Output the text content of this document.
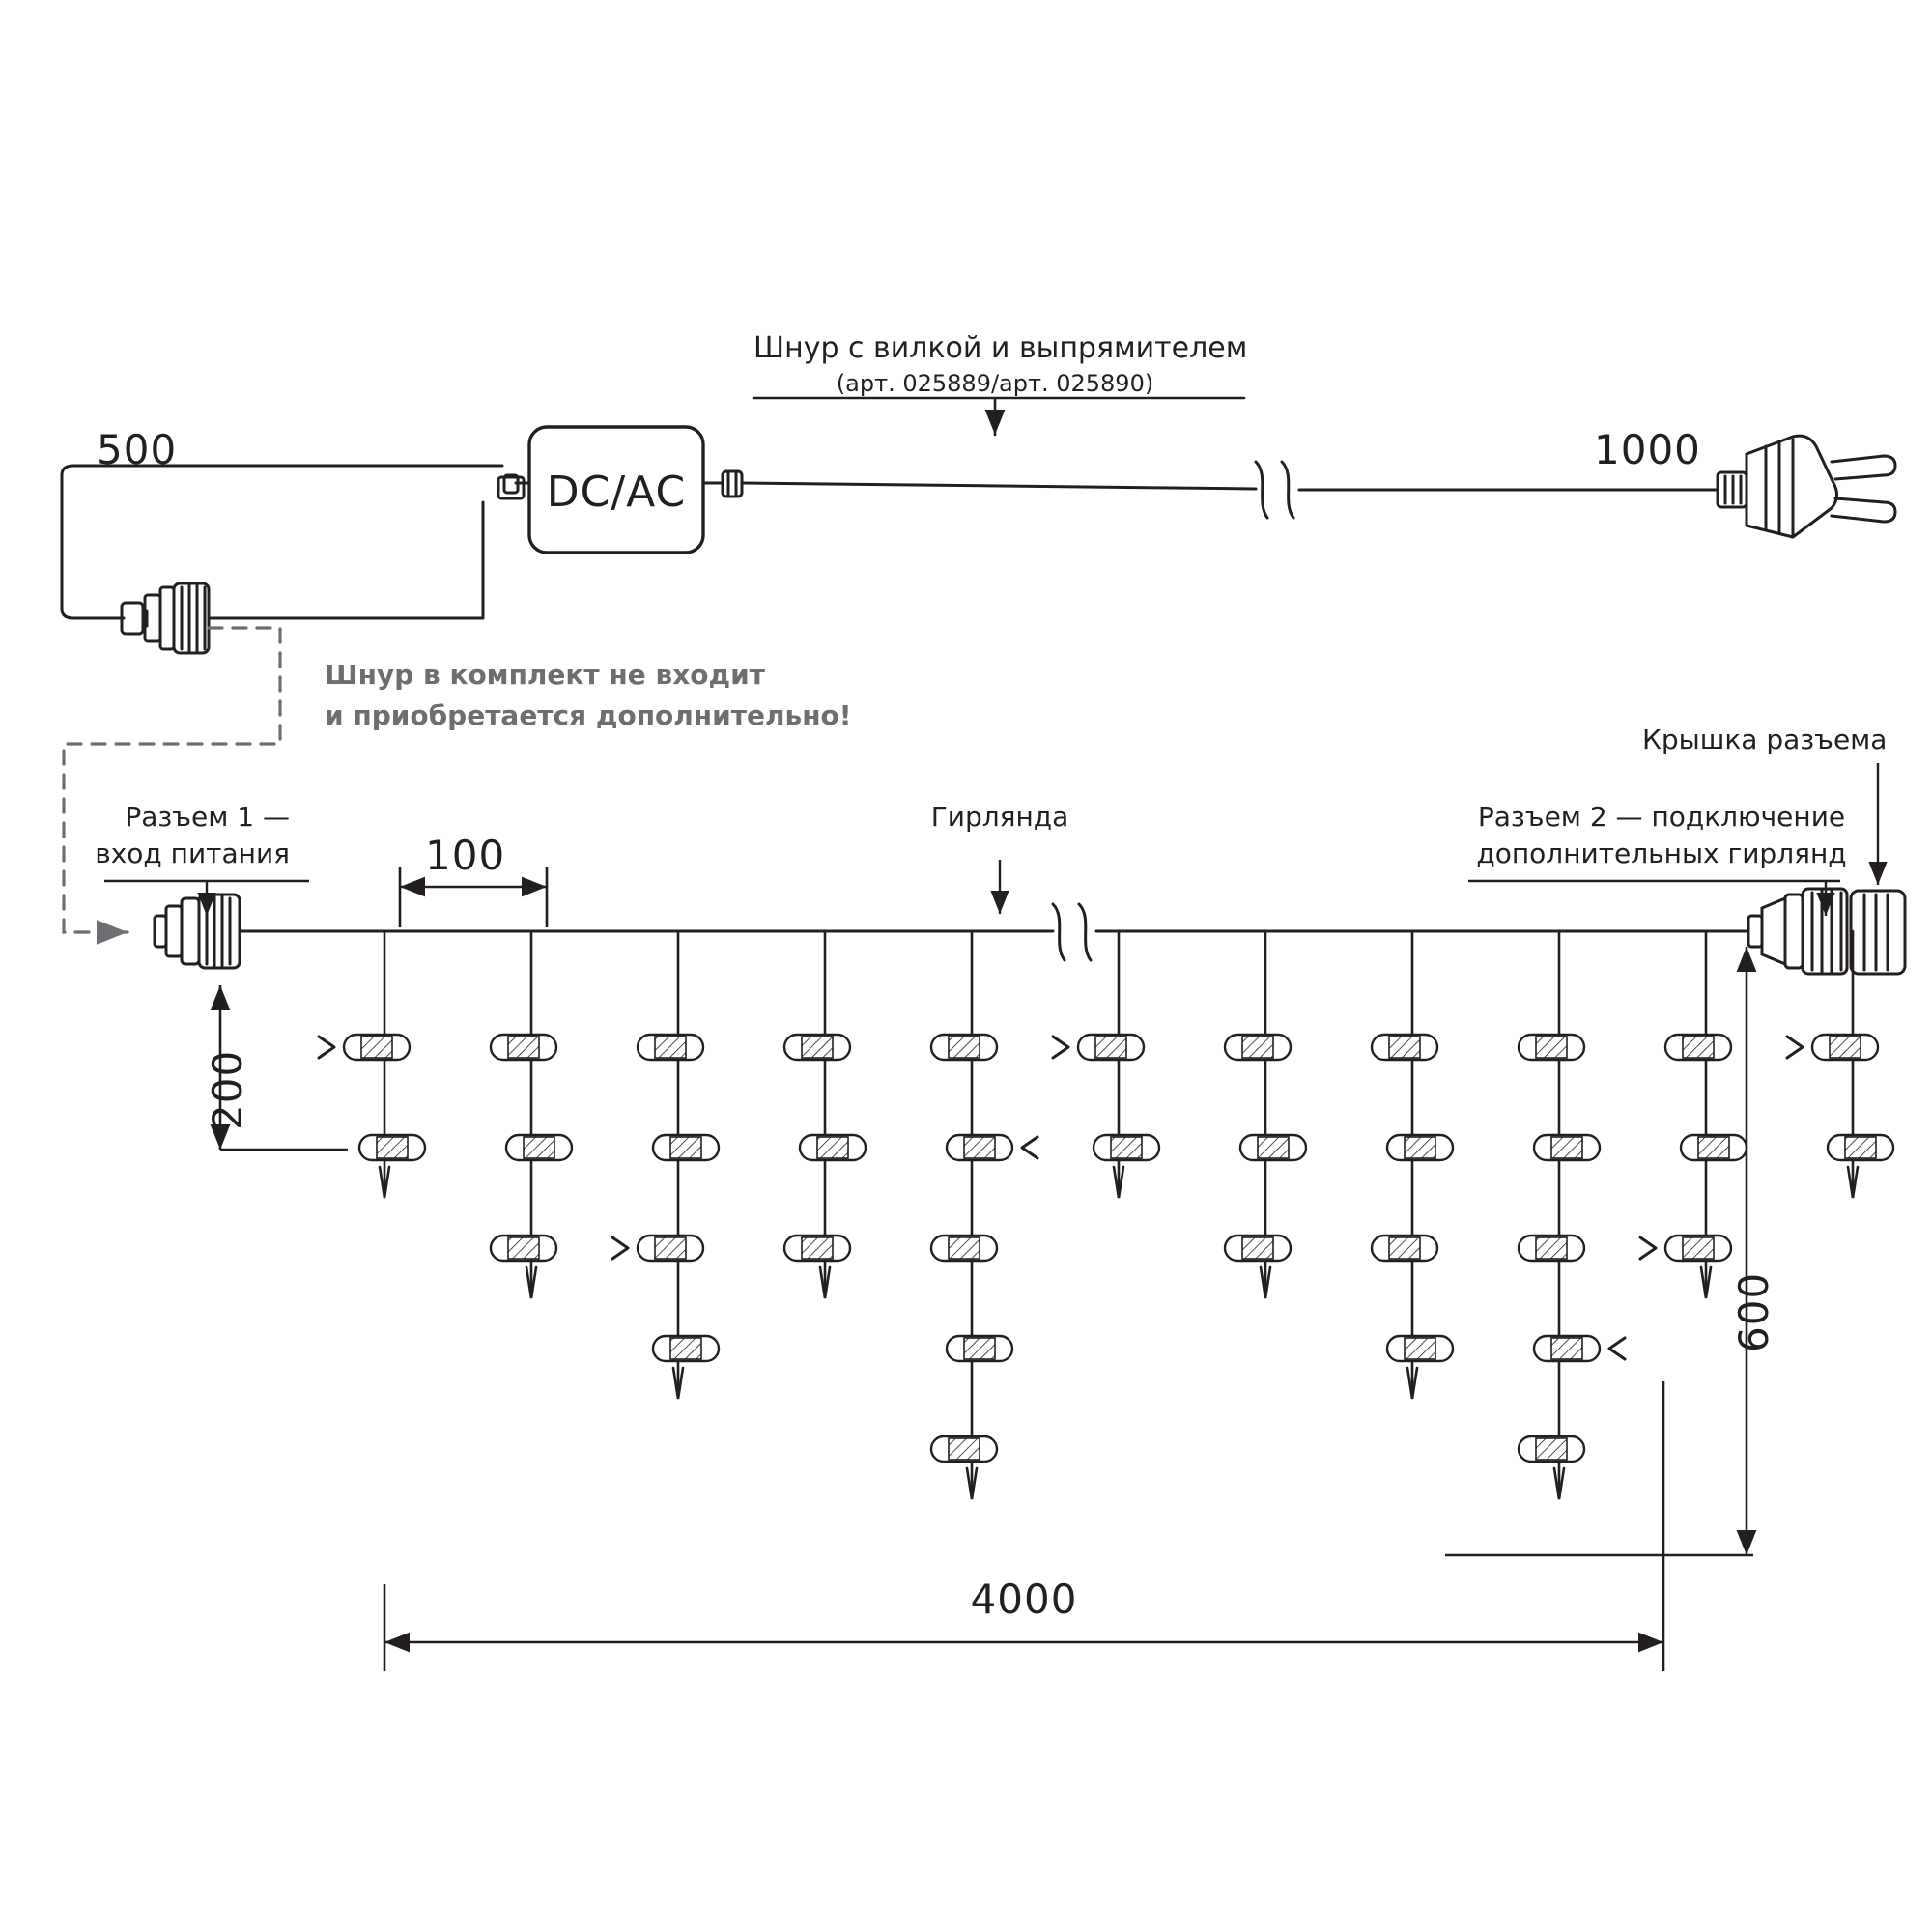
500	1000
Шнур с вилкой и выпрямителем
(арт. 025889/арт. 025890)
DC/AC
Шнур в комплект не входит
и приобретается дополнительно!
Разъем 1 —
вход питания
Гирлянда	Разъем 2 — подключение
дополнительных гирлянд
Крышка разъема
100
200
600
4000
